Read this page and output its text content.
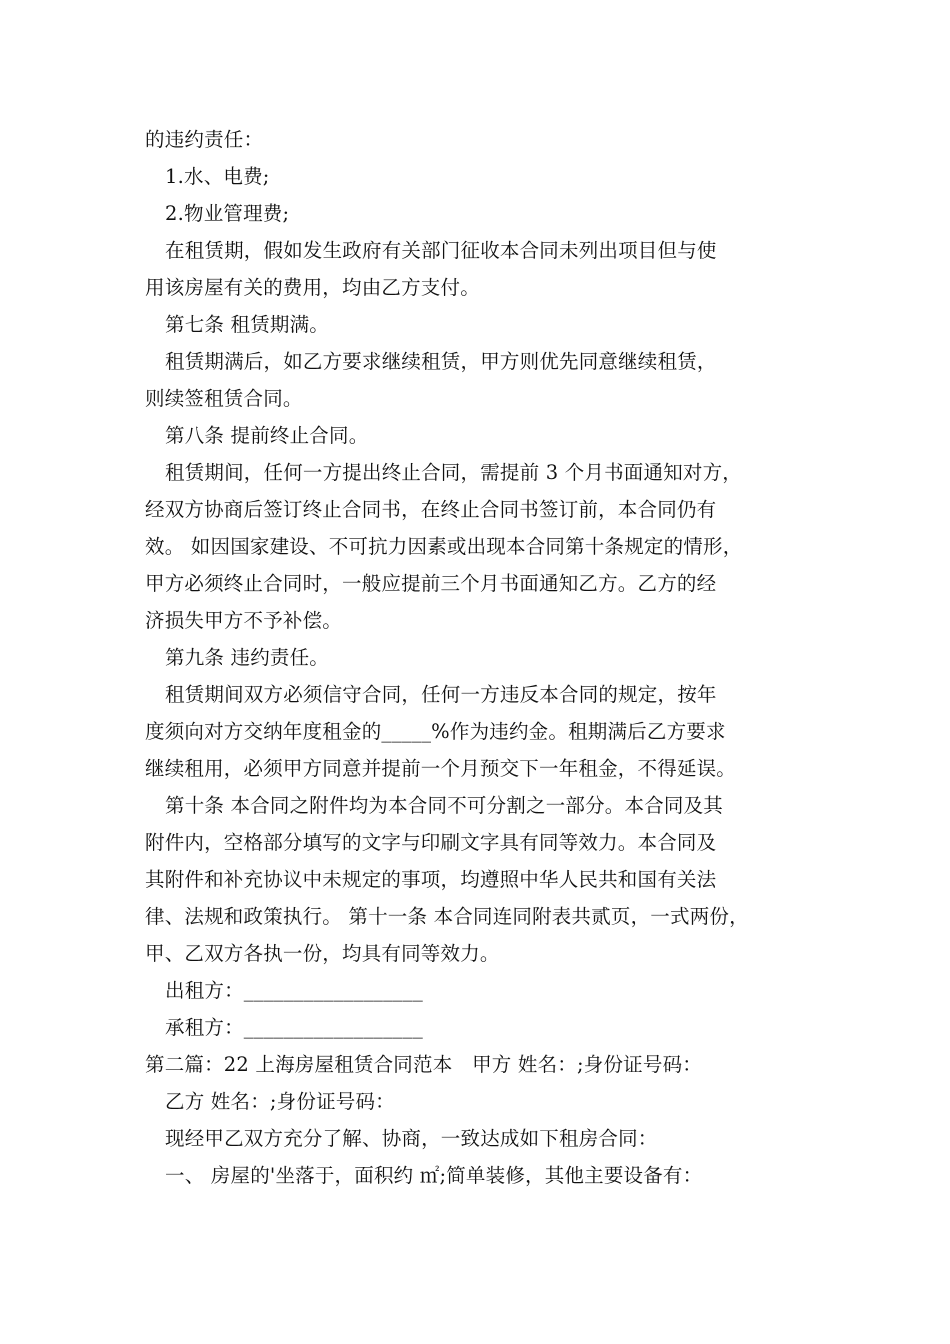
的违约责任：
1.水、电费;
2.物业管理费;
在租赁期，假如发生政府有关部门征收本合同未列出项目但与使
用该房屋有关的费用，均由乙方支付。
第七条 租赁期满。
租赁期满后，如乙方要求继续租赁，甲方则优先同意继续租赁，
则续签租赁合同。
第八条 提前终止合同。
租赁期间，任何一方提出终止合同，需提前 3 个月书面通知对方，
经双方协商后签订终止合同书，在终止合同书签订前，本合同仍有
效。 如因国家建设、不可抗力因素或出现本合同第十条规定的情形，
甲方必须终止合同时，一般应提前三个月书面通知乙方。乙方的经
济损失甲方不予补偿。
第九条 违约责任。
租赁期间双方必须信守合同，任何一方违反本合同的规定，按年
度须向对方交纳年度租金的_____%作为违约金。租期满后乙方要求
继续租用，必须甲方同意并提前一个月预交下一年租金，不得延误。
第十条 本合同之附件均为本合同不可分割之一部分。本合同及其
附件内，空格部分填写的文字与印刷文字具有同等效力。本合同及
其附件和补充协议中未规定的事项，均遵照中华人民共和国有关法
律、法规和政策执行。 第十一条 本合同连同附表共贰页，一式两份，
甲、乙双方各执一份，均具有同等效力。
出租方：__________________
承租方：__________________
第二篇：22 上海房屋租赁合同范本　甲方 姓名：;身份证号码：
乙方 姓名：;身份证号码：
现经甲乙双方充分了解、协商，一致达成如下租房合同：
一、 房屋的'坐落于，面积约 ㎡;简单装修，其他主要设备有：
